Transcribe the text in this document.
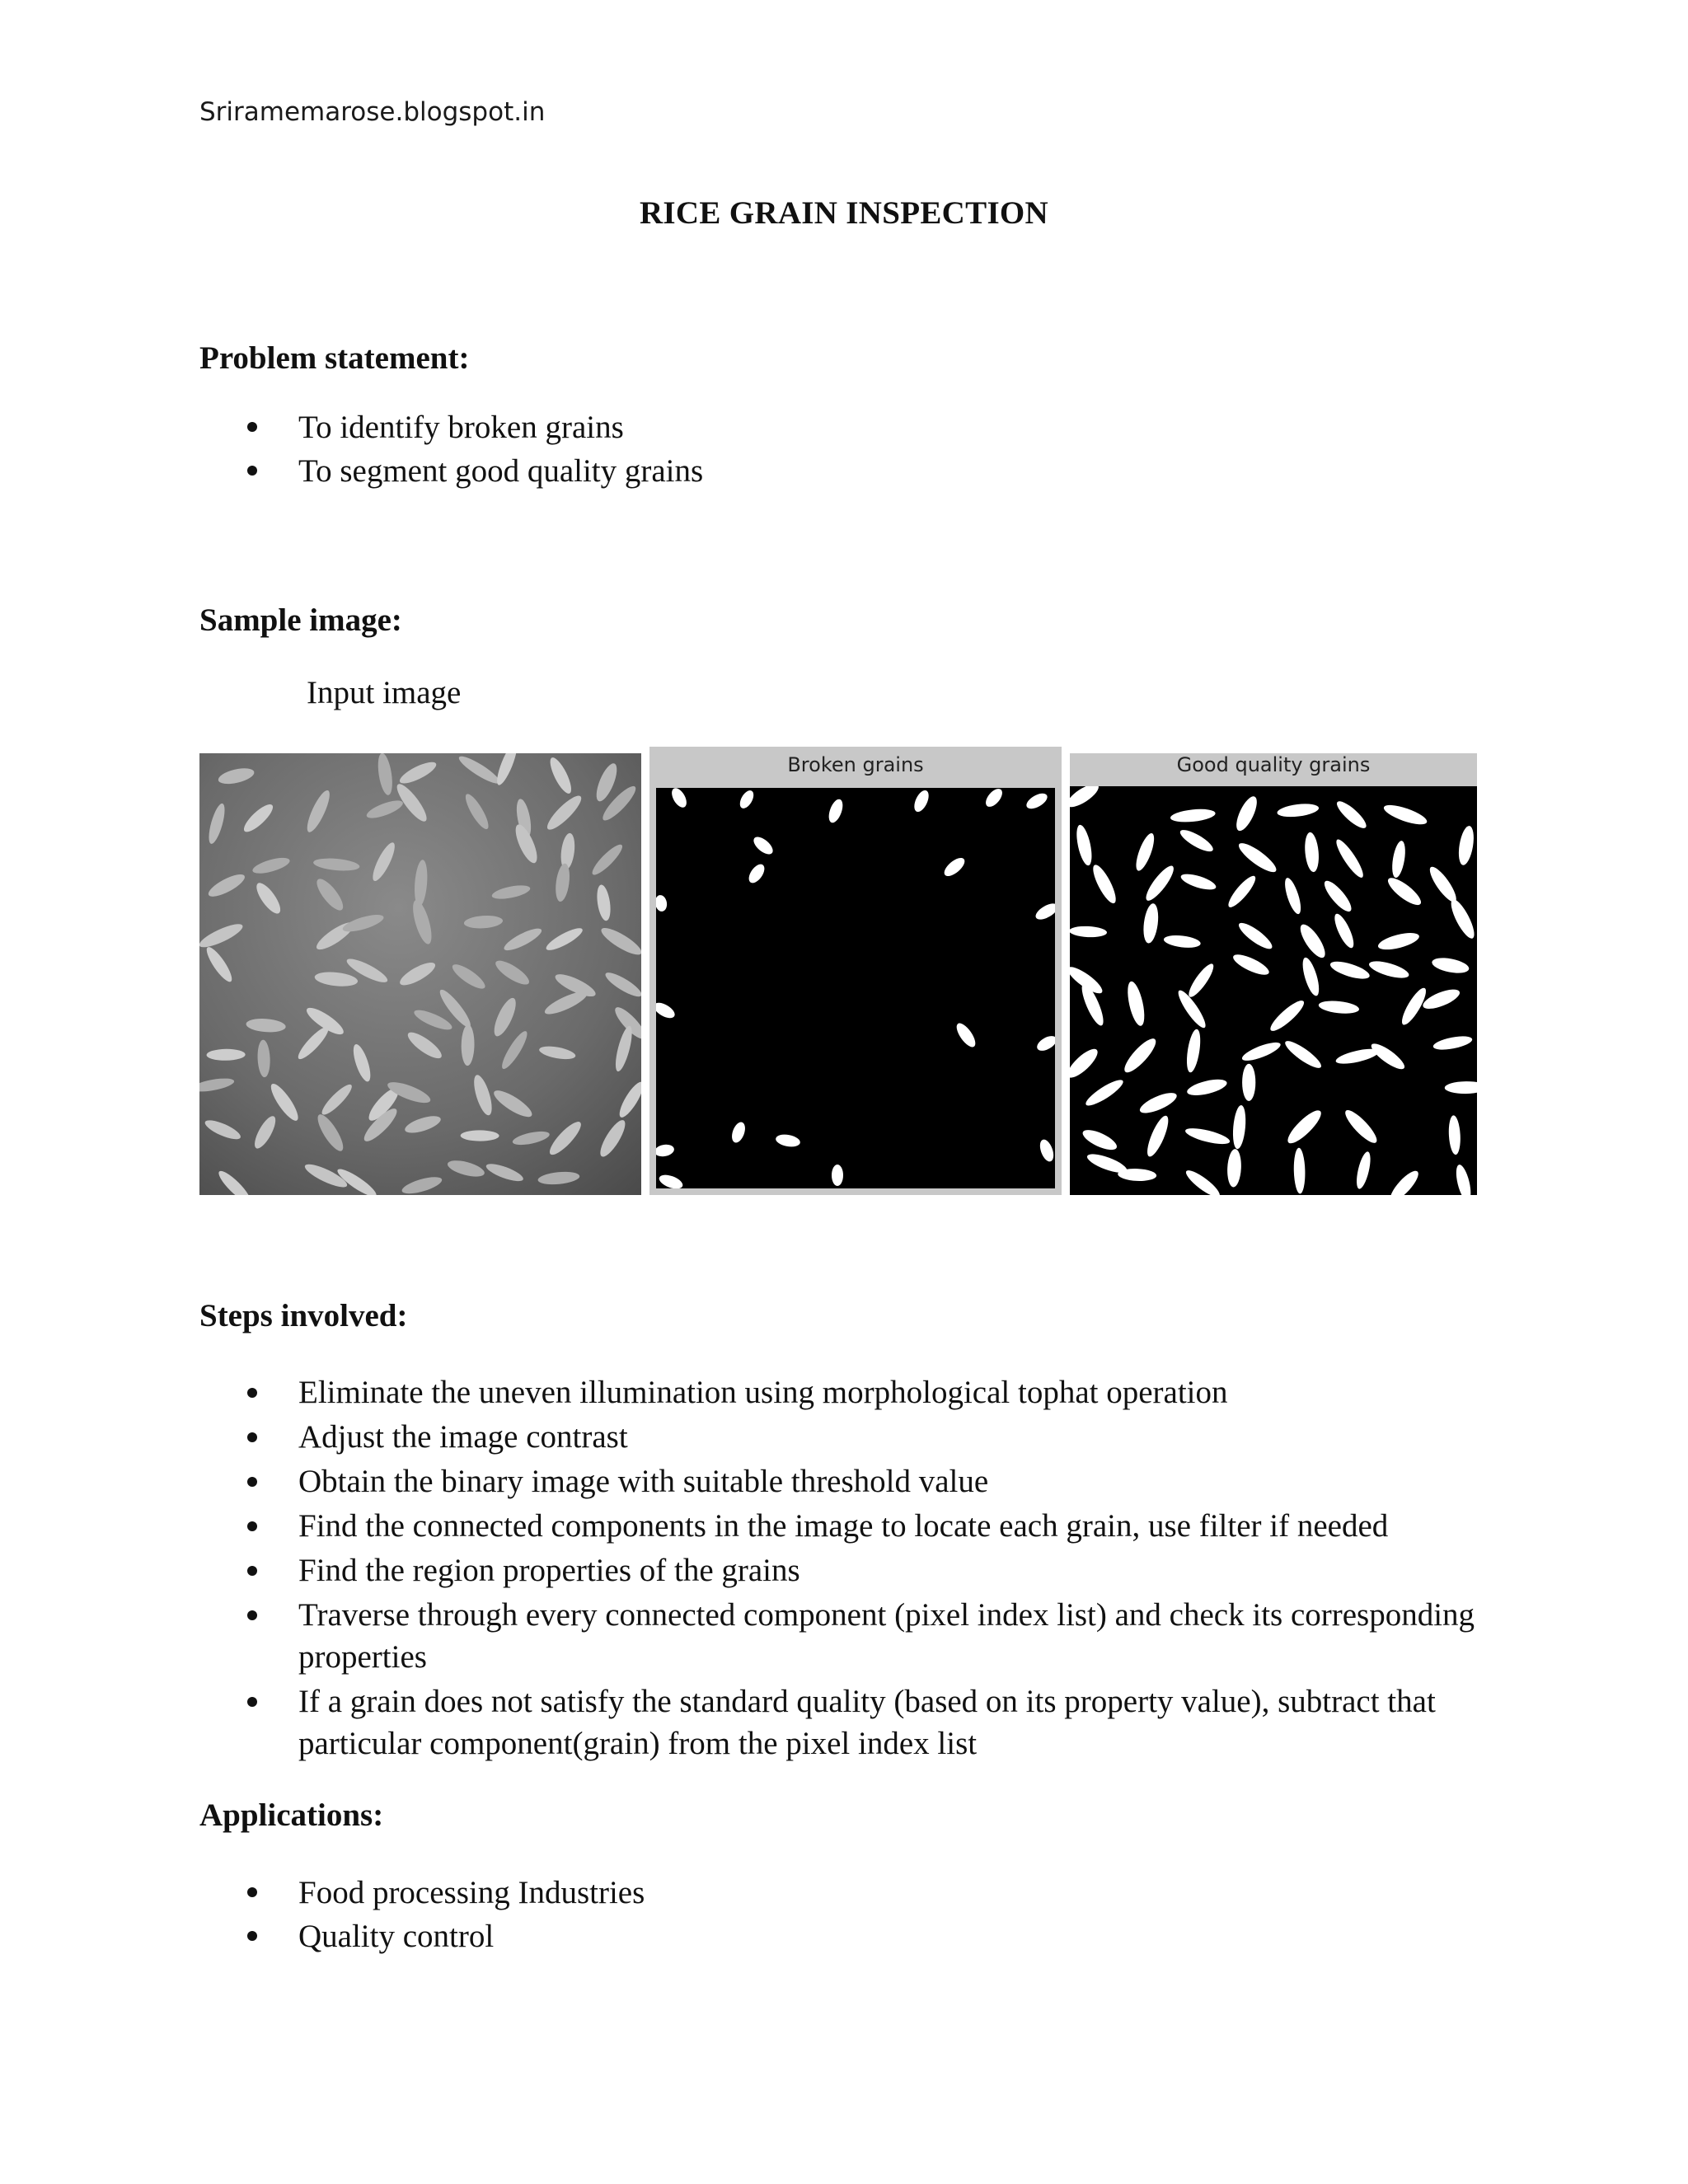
Sriramemarose.blogspot.in
RICE GRAIN INSPECTION
Problem statement:
To identify broken grains
To segment good quality grains
Sample image:
Input image
Broken grains	Good quality grains
Steps involved:
Eliminate the uneven illumination using morphological tophat operation
Adjust the image contrast
Obtain the binary image with suitable threshold value
Find the connected components in the image to locate each grain, use filter if needed
Find the region properties of the grains
Traverse through every connected component (pixel index list) and check its corresponding properties
If a grain does not satisfy the standard quality (based on its property value), subtract that particular component(grain) from the pixel index list
Applications:
Food processing Industries
Quality control
